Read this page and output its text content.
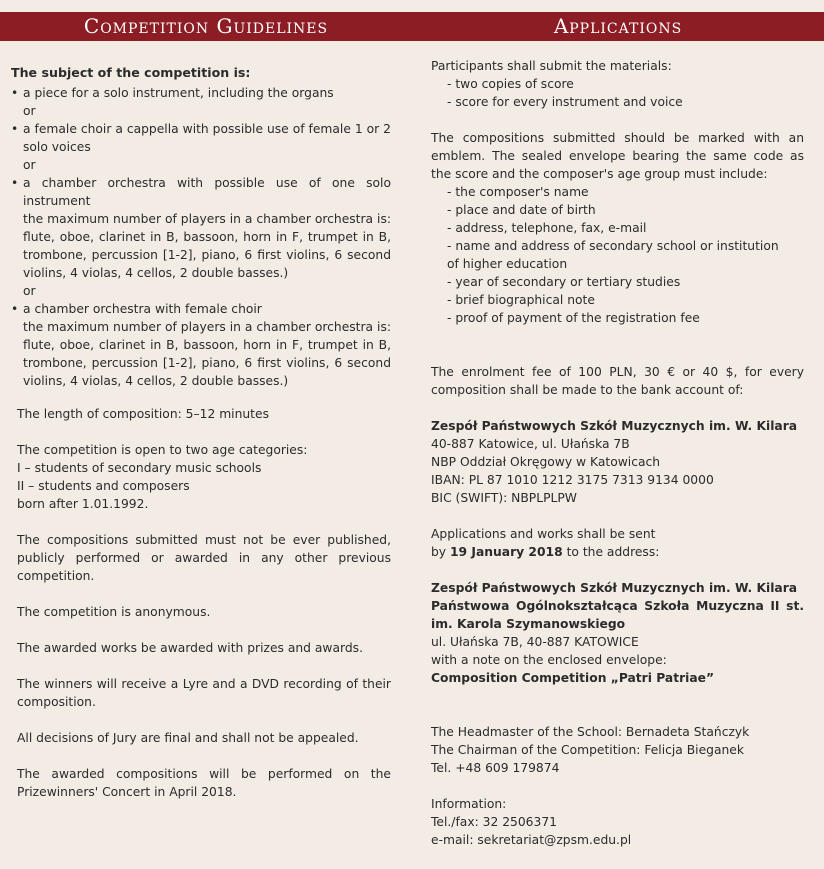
Competition Guidelines	Applications
The subject of the competition is:
• a piece for a solo instrument, including the organs
or
• a female choir a cappella with possible use of female 1 or 2 solo voices
or
• a chamber orchestra with possible use of one solo instrument
the maximum number of players in a chamber orchestra is: flute, oboe, clarinet in B, bassoon, horn in F, trumpet in B, trombone, percussion [1-2], piano, 6 first violins, 6 second violins, 4 violas, 4 cellos, 2 double basses.)
or
• a chamber orchestra with female choir
the maximum number of players in a chamber orchestra is: flute, oboe, clarinet in B, bassoon, horn in F, trumpet in B, trombone, percussion [1-2], piano, 6 first violins, 6 second violins, 4 violas, 4 cellos, 2 double basses.)

The length of composition: 5–12 minutes

The competition is open to two age categories:

I – students of secondary music schools

II – students and composers

born after 1.01.1992.

The compositions submitted must not be ever published, publicly performed or awarded in any other previous competition.

The competition is anonymous.

The awarded works be awarded with prizes and awards.

The winners will receive a Lyre and a DVD recording of their composition.

All decisions of Jury are final and shall not be appealed.

The awarded compositions will be performed on the Prizewinners' Concert in April 2018.

Participants shall submit the materials:

- two copies of score
- score for every instrument and voice

The compositions submitted should be marked with an emblem. The sealed envelope bearing the same code as the score and the composer's age group must include:

- the composer's name
- place and date of birth
- address, telephone, fax, e-mail
- name and address of secondary school or institution
of higher education
- year of secondary or tertiary studies
- brief biographical note
- proof of payment of the registration fee

The enrolment fee of 100 PLN, 30 € or 40 $, for every composition shall be made to the bank account of:

Zespół Państwowych Szkół Muzycznych im. W. Kilara

40-887 Katowice, ul. Ułańska 7B

NBP Oddział Okręgowy w Katowicach

IBAN: PL 87 1010 1212 3175 7313 9134 0000

BIC (SWIFT): NBPLPLPW

Applications and works shall be sent

by 19 January 2018 to the address:

Zespół Państwowych Szkół Muzycznych im. W. Kilara

Państwowa Ogólnokształcąca Szkoła Muzyczna II st. im. Karola Szymanowskiego

ul. Ułańska 7B, 40-887 KATOWICE

with a note on the enclosed envelope:

Composition Competition „Patri Patriae”

The Headmaster of the School: Bernadeta Stańczyk

The Chairman of the Competition: Felicja Bieganek

Tel. +48 609 179874

Information:

Tel./fax: 32 2506371

e-mail: sekretariat@zpsm.edu.pl
